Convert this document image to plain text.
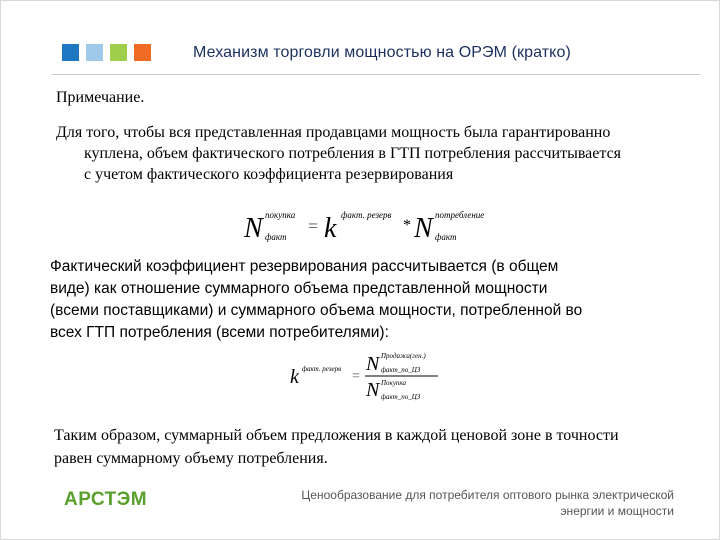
Механизм торговли мощностью на ОРЭМ (кратко)
Примечание.

Для того, чтобы вся представленная продавцами мощность была гарантированно

куплена, объем фактического потребления в ГТП потребления рассчитывается

с учетом фактического коэффициента резервирования

N покупка
факт
= k факт. резерв
* N потребление
факт

Фактический коэффициент резервирования рассчитывается (в общем

виде) как отношение суммарного объема представленной мощности

(всеми поставщиками) и суммарного объема мощности, потребленной во

всех ГТП потребления (всеми потребителями):

k факт. резерв =
N Продажа(ген.)
факт_по_ЦЗ
N Покупка
факт_по_ЦЗ

Таким образом, суммарный объем предложения в каждой ценовой зоне в точности

равен суммарному объему потребления.

АРСТЭМ	Ценообразование для потребителя оптового рынка электрической
энергии и мощности
